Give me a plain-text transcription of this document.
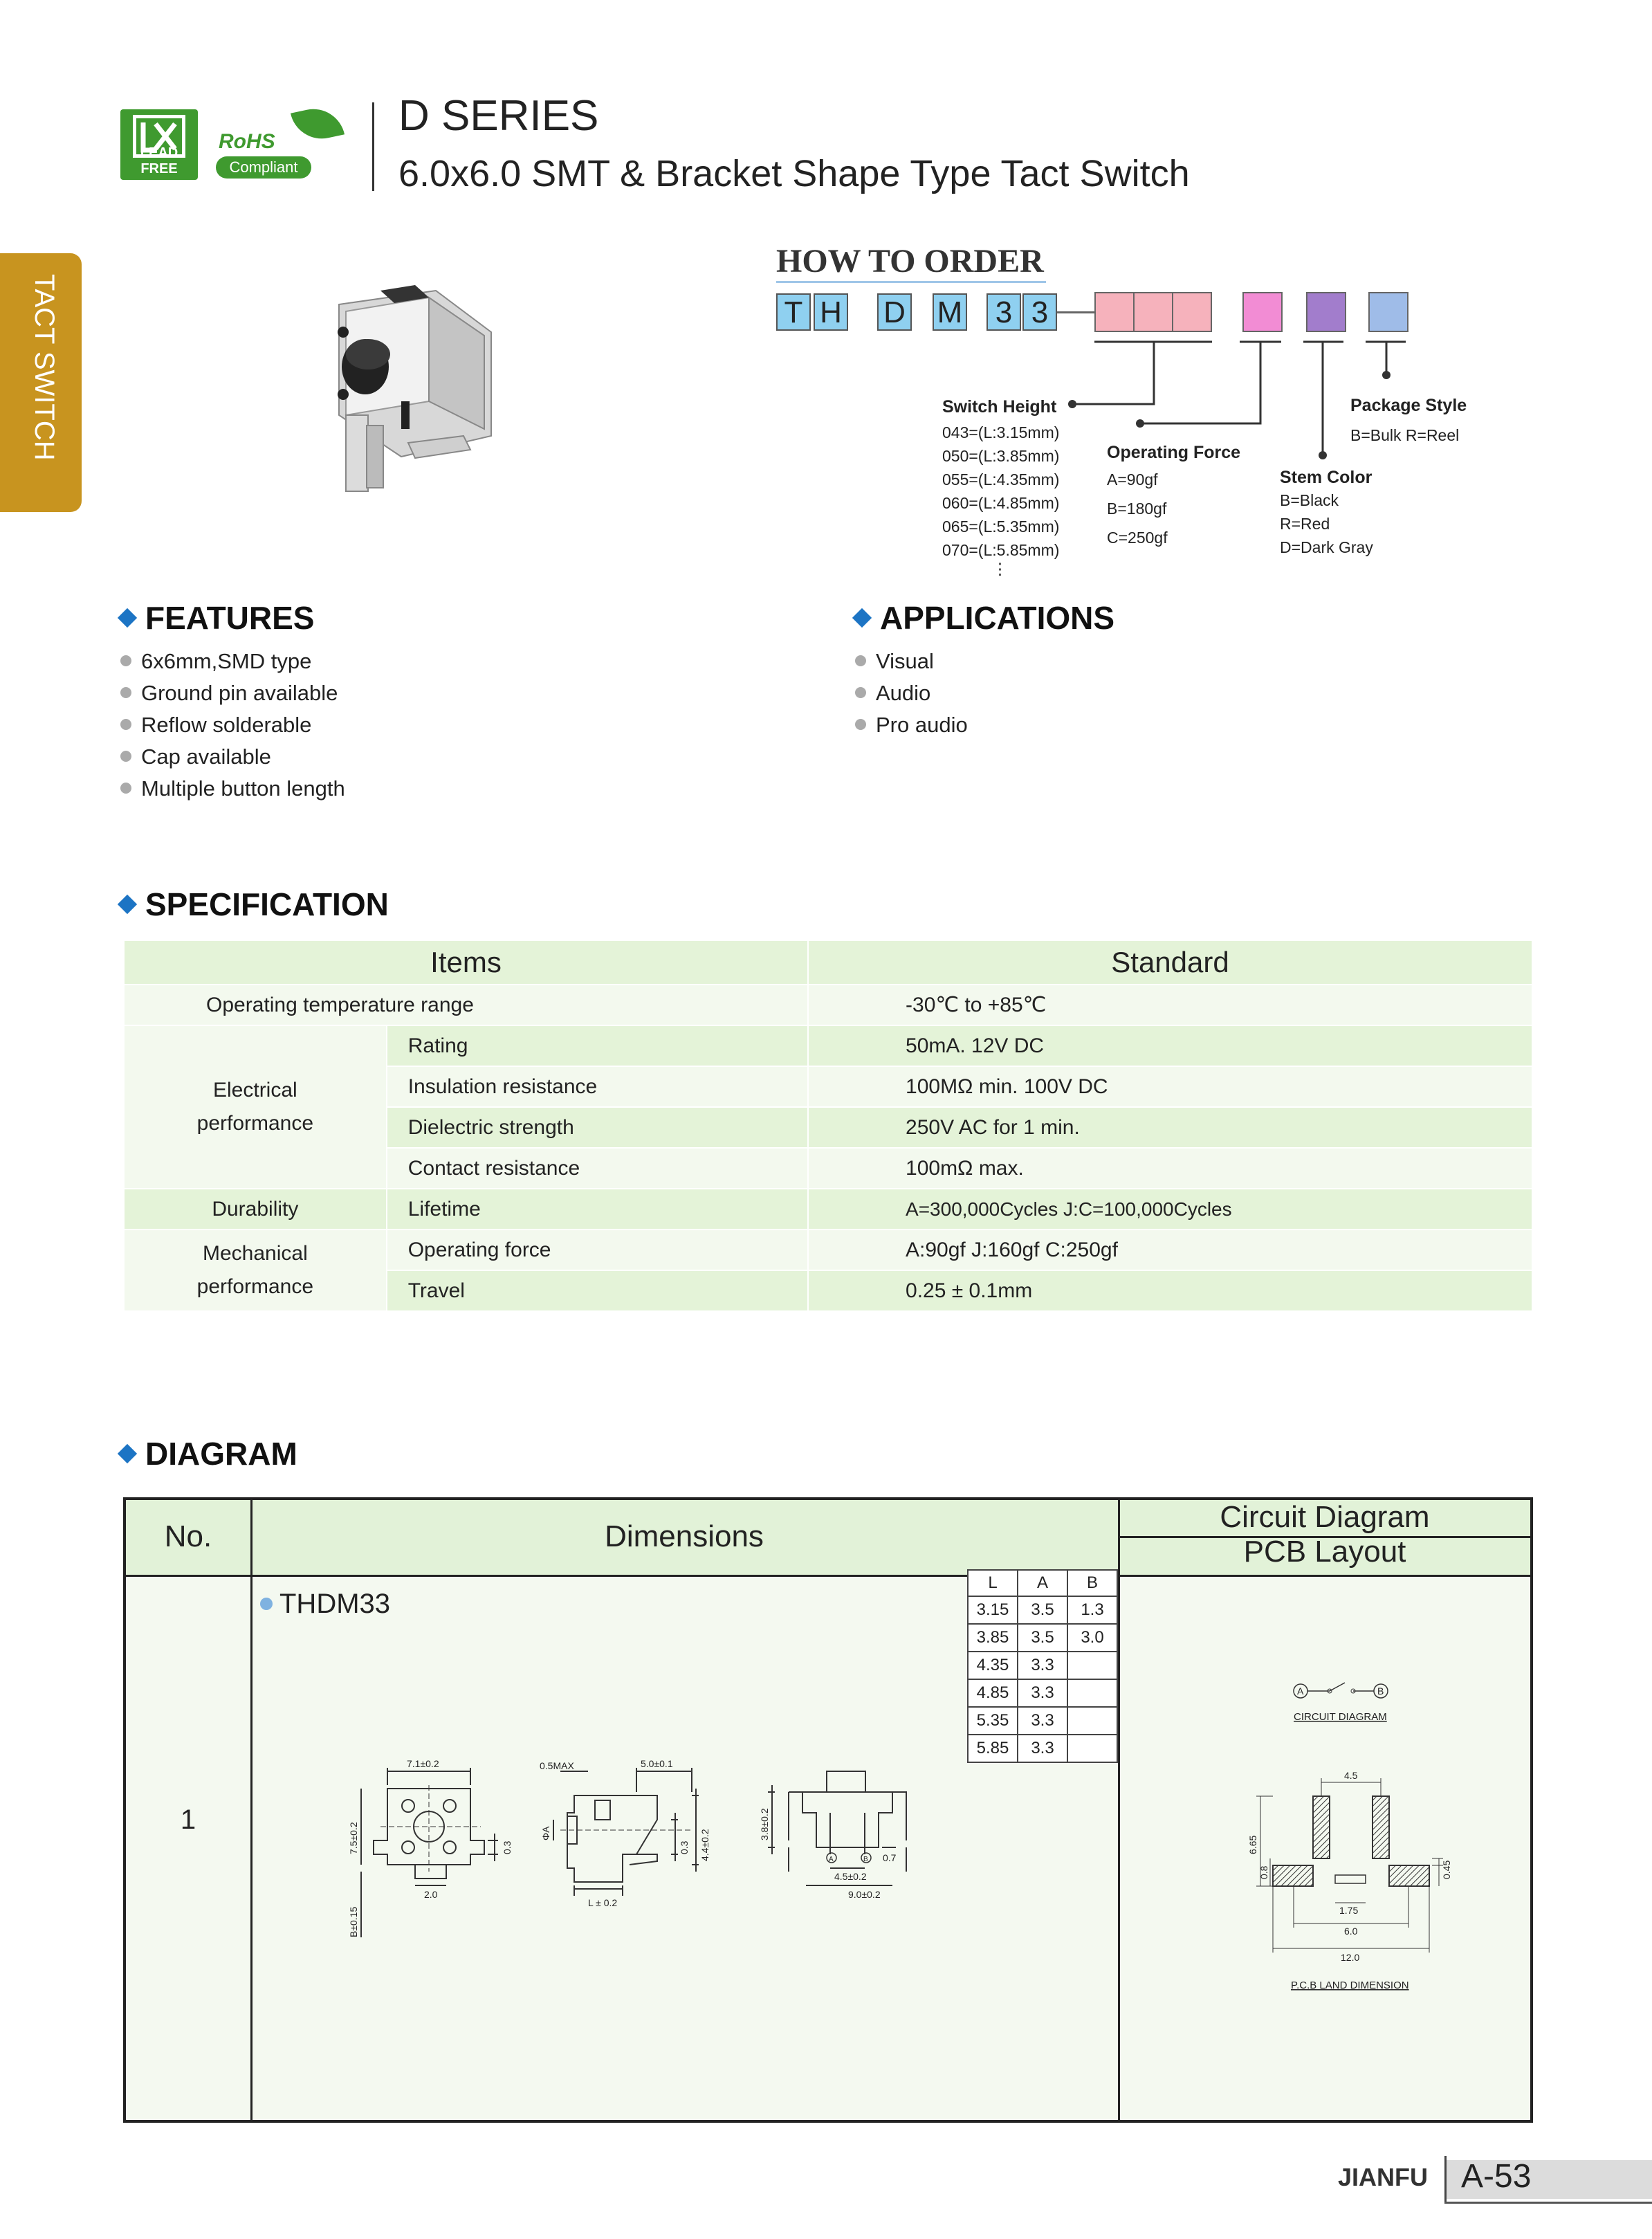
LEAD FREE
RoHS
Compliant
D SERIES
6.0x6.0 SMT & Bracket Shape Type Tact Switch
TACT SWITCH
HOW TO ORDER
T H D M 3 3
Switch Height
043=(L:3.15mm)
050=(L:3.85mm)
055=(L:4.35mm)
060=(L:4.85mm)
065=(L:5.35mm)
070=(L:5.85mm)
⋮
Operating Force
A=90gf
B=180gf
C=250gf
Stem Color
B=Black
R=Red
D=Dark Gray
Package Style
B=Bulk R=Reel
FEATURES
6x6mm,SMD type
Ground pin available
Reflow solderable
Cap available
Multiple button length
APPLICATIONS
Visual
Audio
Pro audio
SPECIFICATION
Items		Standard
Operating temperature range		-30℃ to +85℃

Electrical performance	Rating	50mA. 12V DC
	Insulation resistance	100MΩ min. 100V DC
	Dielectric strength	250V AC for 1 min.
	Contact resistance	100mΩ max.
Durability	Lifetime	A=300,000Cycles J:C=100,000Cycles

Mechanical performance	Operating force	A:90gf J:160gf C:250gf
	Travel	0.25 ± 0.1mm
DIAGRAM
No.	Dimensions
Circuit Diagram
PCB Layout
1
THDM33
L	A	B
3.15	3.5	1.3
3.85	3.5	3.0
4.35	3.3	
4.85	3.3	
5.35	3.3	
5.85	3.3	
7.1±0.2
7.5±0.2	0.3
2.0
B±0.15
0.5MAX	5.0±0.1
ΦA
0.3 4.4±0.2
L ± 0.2
A	B
3.8±0.2
0.7
4.5±0.2
9.0±0.2
A	B
CIRCUIT DIAGRAM
4.5
6.65
0.8	0.45
1.75
6.0
12.0
P.C.B LAND DIMENSION
JIANFU A-53
